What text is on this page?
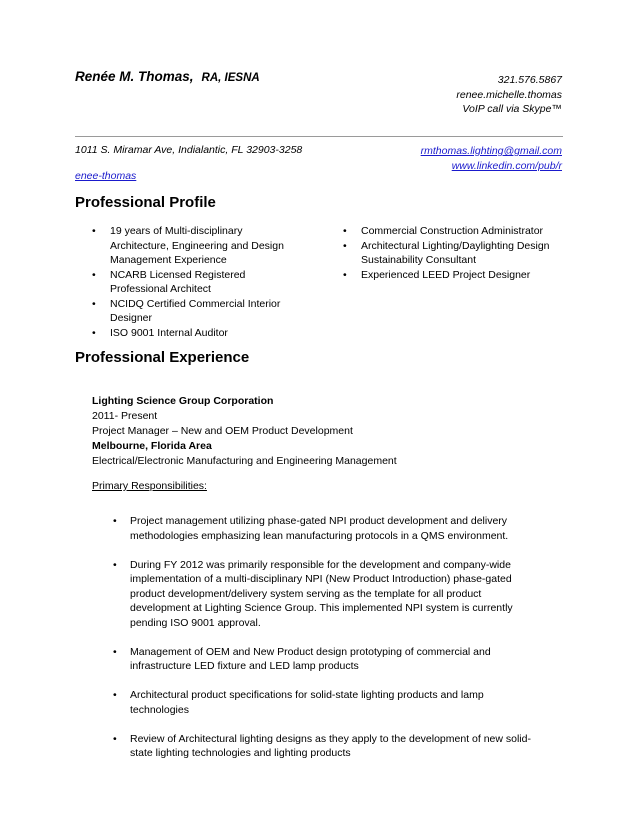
Renée M. Thomas, RA, IESNA	321.576.5867
renee.michelle.thomas
VoIP call via Skype™
1011 S. Miramar Ave, Indialantic, FL 32903-3258	rmthomas.lighting@gmail.com
www.linkedin.com/pub/r
enee-thomas
Professional Profile
• 19 years of Multi-disciplinary
Architecture, Engineering and Design
Management Experience
• NCARB Licensed Registered
Professional Architect
• NCIDQ Certified Commercial Interior
Designer
• ISO 9001 Internal Auditor
• Commercial Construction Administrator
• Architectural Lighting/Daylighting Design
Sustainability Consultant
• Experienced LEED Project Designer
Professional Experience
Lighting Science Group Corporation
2011- Present
Project Manager – New and OEM Product Development
Melbourne, Florida Area
Electrical/Electronic Manufacturing and Engineering Management
Primary Responsibilities:
• Project management utilizing phase-gated NPI product development and delivery
methodologies emphasizing lean manufacturing protocols in a QMS environment.
• During FY 2012 was primarily responsible for the development and company-wide
implementation of a multi-disciplinary NPI (New Product Introduction) phase-gated
product development/delivery system serving as the template for all product
development at Lighting Science Group. This implemented NPI system is currently
pending ISO 9001 approval.
• Management of OEM and New Product design prototyping of commercial and
infrastructure LED fixture and LED lamp products
• Architectural product specifications for solid-state lighting products and lamp
technologies
• Review of Architectural lighting designs as they apply to the development of new solid-
state lighting technologies and lighting products
